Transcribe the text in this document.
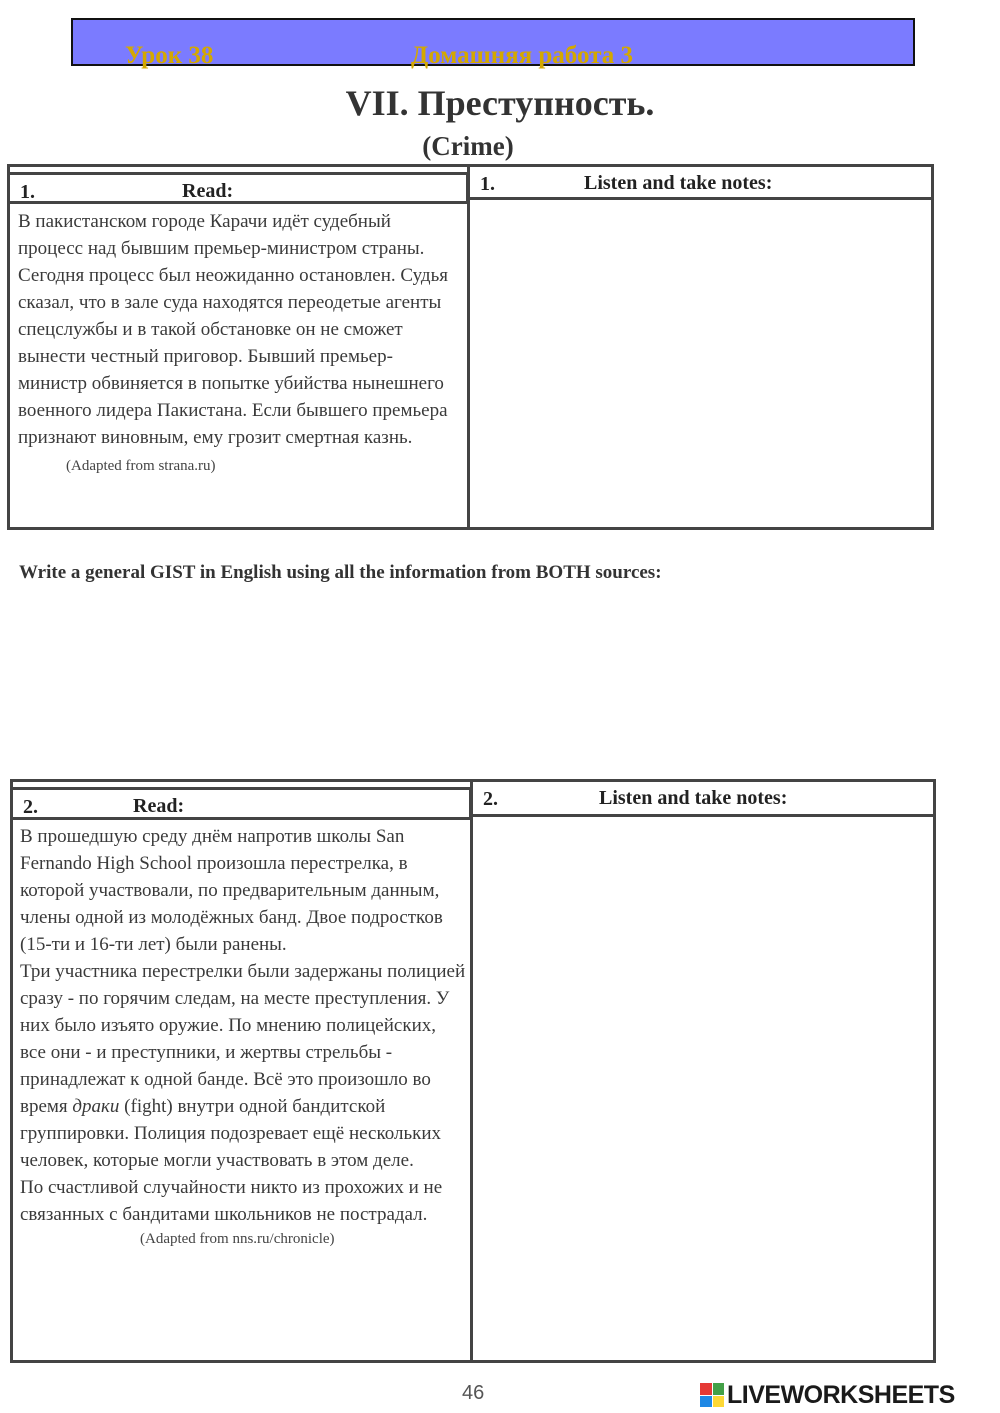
Урок 38	Домашняя работа 3
VII. Преступность.
(Crime)
1.	Read:	1.	Listen and take notes:
В пакистанском городе Карачи идёт судебный процесс над бывшим премьер-министром страны. Сегодня процесс был неожиданно остановлен. Судья сказал, что в зале суда находятся переодетые агенты спецслужбы и в такой обстановке он не сможет вынести честный приговор. Бывший премьер-министр обвиняется в попытке убийства нынешнего военного лидера Пакистана. Если бывшего премьера признают виновным, ему грозит смертная казнь. (Adapted from strana.ru)
Write a general GIST in English using all the information from BOTH sources:
2.	Read:	2.	Listen and take notes:
В прошедшую среду днём напротив школы San Fernando High School произошла перестрелка, в которой участвовали, по предварительным данным, члены одной из молодёжных банд. Двое подростков (15-ти и 16-ти лет) были ранены.
Три участника перестрелки были задержаны полицией сразу - по горячим следам, на месте преступления. У них было изъято оружие. По мнению полицейских, все они - и преступники, и жертвы стрельбы - принадлежат к одной банде. Всё это произошло во время драки (fight) внутри одной бандитской группировки. Полиция подозревает ещё нескольких человек, которые могли участвовать в этом деле.
По счастливой случайности никто из прохожих и не связанных с бандитами школьников не пострадал.
(Adapted from nns.ru/chronicle)
46	LIVEWORKSHEETS
